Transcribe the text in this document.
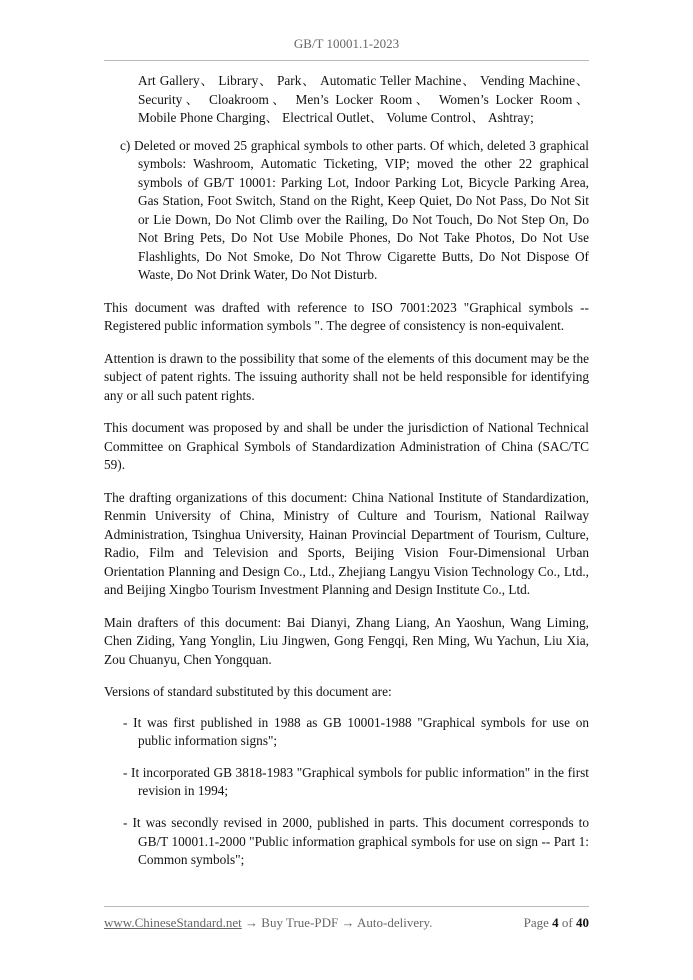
GB/T 10001.1-2023

Art Gallery、 Library、 Park、 Automatic Teller Machine、 Vending Machine、

Security、 Cloakroom、 Men’s Locker Room、 Women’s Locker Room、

Mobile Phone Charging、 Electrical Outlet、 Volume Control、 Ashtray;

c) Deleted or moved 25 graphical symbols to other parts. Of which, deleted 3 graphical symbols: Washroom, Automatic Ticketing, VIP; moved the other 22 graphical symbols of GB/T 10001: Parking Lot, Indoor Parking Lot, Bicycle Parking Area, Gas Station, Foot Switch, Stand on the Right, Keep Quiet, Do Not Pass, Do Not Sit or Lie Down, Do Not Climb over the Railing, Do Not Touch, Do Not Step On, Do Not Bring Pets, Do Not Use Mobile Phones, Do Not Take Photos, Do Not Use Flashlights, Do Not Smoke, Do Not Throw Cigarette Butts, Do Not Dispose Of Waste, Do Not Drink Water, Do Not Disturb.

This document was drafted with reference to ISO 7001:2023 "Graphical symbols -- Registered public information symbols ". The degree of consistency is non-equivalent.

Attention is drawn to the possibility that some of the elements of this document may be the subject of patent rights. The issuing authority shall not be held responsible for identifying any or all such patent rights.

This document was proposed by and shall be under the jurisdiction of National Technical Committee on Graphical Symbols of Standardization Administration of China (SAC/TC 59).

The drafting organizations of this document: China National Institute of Standardization, Renmin University of China, Ministry of Culture and Tourism, National Railway Administration, Tsinghua University, Hainan Provincial Department of Tourism, Culture, Radio, Film and Television and Sports, Beijing Vision Four-Dimensional Urban Orientation Planning and Design Co., Ltd., Zhejiang Langyu Vision Technology Co., Ltd., and Beijing Xingbo Tourism Investment Planning and Design Institute Co., Ltd.

Main drafters of this document: Bai Dianyi, Zhang Liang, An Yaoshun, Wang Liming, Chen Ziding, Yang Yonglin, Liu Jingwen, Gong Fengqi, Ren Ming, Wu Yachun, Liu Xia, Zou Chuanyu, Chen Yongquan.

Versions of standard substituted by this document are:

- It was first published in 1988 as GB 10001-1988 "Graphical symbols for use on public information signs";

- It incorporated GB 3818-1983 "Graphical symbols for public information" in the first revision in 1994;

- It was secondly revised in 2000, published in parts. This document corresponds to GB/T 10001.1-2000 "Public information graphical symbols for use on sign -- Part 1: Common symbols";

www.ChineseStandard.net → Buy True-PDF → Auto-delivery.	Page 4 of 40
